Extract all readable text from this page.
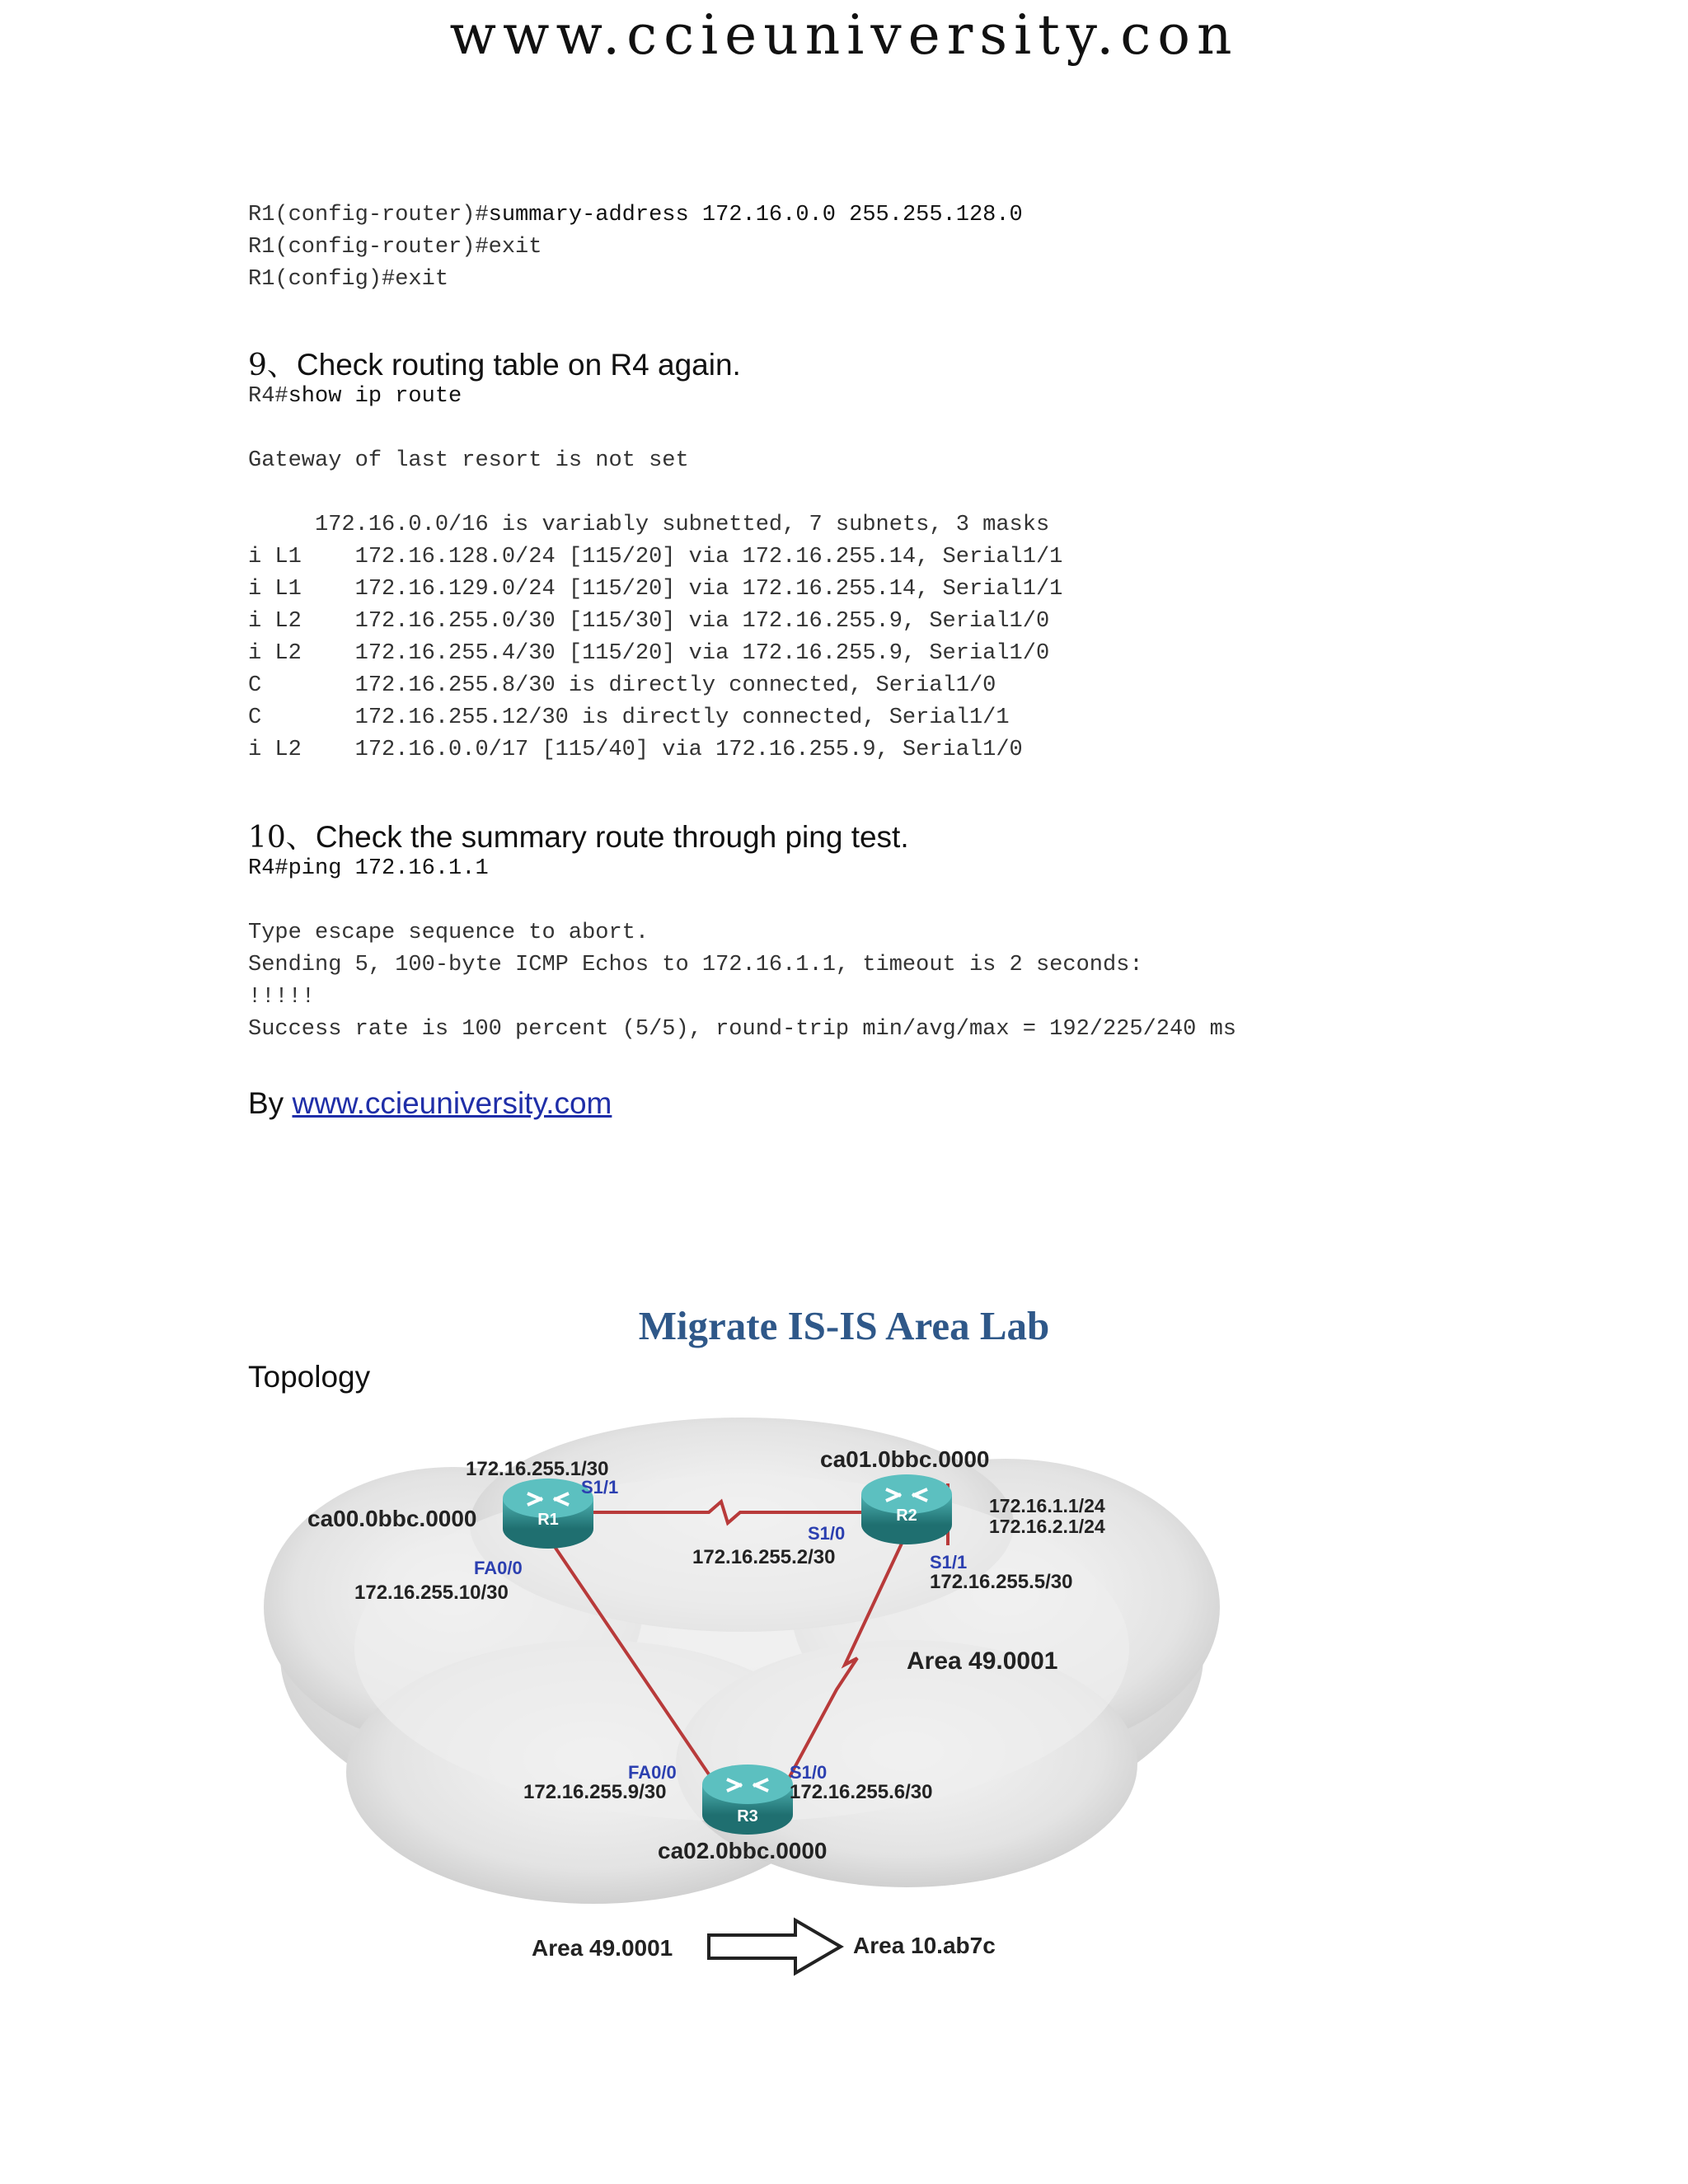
www.ccieuniversity.con
R1(config-router)#summary-address 172.16.0.0 255.255.128.0
R1(config-router)#exit
R1(config)#exit
9、Check routing table on R4 again.
R4#show ip route
Gateway of last resort is not set
172.16.0.0/16 is variably subnetted, 7 subnets, 3 masks
i L1    172.16.128.0/24 [115/20] via 172.16.255.14, Serial1/1
i L1    172.16.129.0/24 [115/20] via 172.16.255.14, Serial1/1
i L2    172.16.255.0/30 [115/30] via 172.16.255.9, Serial1/0
i L2    172.16.255.4/30 [115/20] via 172.16.255.9, Serial1/0
C       172.16.255.8/30 is directly connected, Serial1/0
C       172.16.255.12/30 is directly connected, Serial1/1
i L2    172.16.0.0/17 [115/40] via 172.16.255.9, Serial1/0
10、Check the summary route through ping test.
R4#ping 172.16.1.1
Type escape sequence to abort.
Sending 5, 100-byte ICMP Echos to 172.16.1.1, timeout is 2 seconds:
!!!!!
Success rate is 100 percent (5/5), round-trip min/avg/max = 192/225/240 ms
By www.ccieuniversity.com
Migrate IS-IS Area Lab
Topology
R1	R2
R3
ca00.0bbc.0000
172.16.255.1/30
S1/1
FA0/0
172.16.255.10/30
ca01.0bbc.0000
S1/0
172.16.255.2/30	S1/1
172.16.255.5/30
172.16.1.1/24
172.16.2.1/24
Area 49.0001
FA0/0
172.16.255.9/30
S1/0
172.16.255.6/30
ca02.0bbc.0000
Area 49.0001	Area 10.ab7c
